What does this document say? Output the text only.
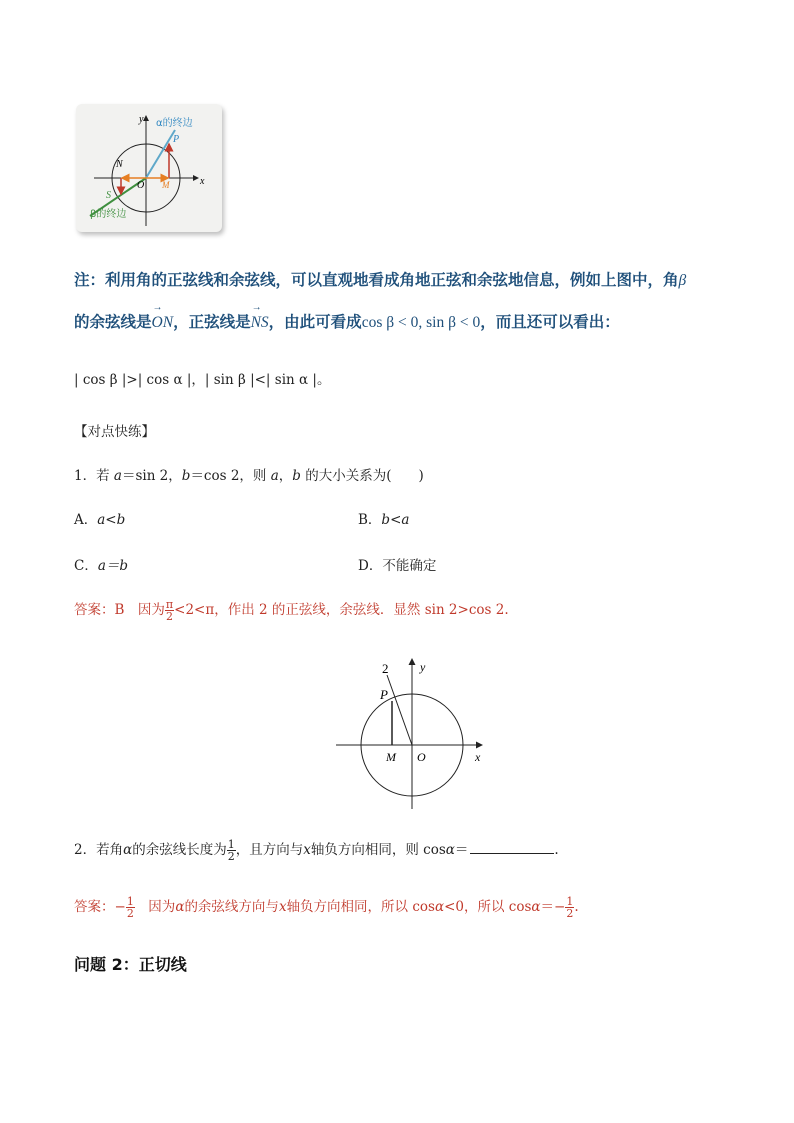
y
x
α的终边
P
N
O M
S
β的终边
注：利用角的正弦线和余弦线，可以直观地看成角地正弦和余弦地信息，例如上图中，角β
的余弦线是→ ON，正弦线是→ NS，由此可看成cos β < 0, sin β < 0，而且还可以看出：
| cos β |>| cos α |，| sin β |<| sin α |。
【对点快练】
1．若 a＝sin 2，b＝cos 2，则 a，b 的大小关系为(　　)
A．a<b	B．b<a
C．a＝b	D．不能确定
答案：B　因为 $\frac{\pi}{2} <2<\pi$，作出 2 的正弦线，余弦线．显然 sin 2>cos 2.
2
P
y
M O	x
2．若角α的余弦线长度为 $\frac{1}{2}$ ，且方向与x轴负方向相同，则 cosα＝	.
答案：− $\frac{1}{2}$ 　因为α的余弦线方向与x轴负方向相同，所以 cosα<0，所以 $\cos\alpha=- \frac{1}{2}$ .
问题 2：正切线
